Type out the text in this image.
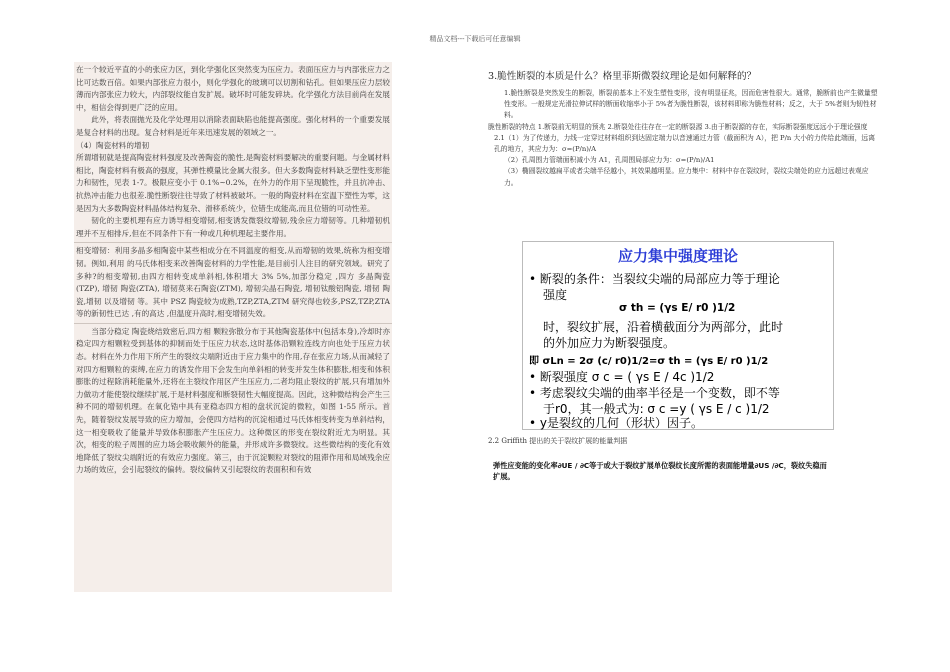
精品文档---下载后可任意编辑

在一个较近平直的小的张应力区，到化学强化区突然变为压应力。表面压应力与内部张应力之比可达数百倍。如果内部张应力很小，则化学强化的玻璃可以切割和钻孔。但如果压应力层较薄而内部张应力较大，内部裂纹能自发扩展。破坏时可能发碎块。化学强化方法目前尚在发展中，相信会得到更广泛的应用。

此外，将表面抛光及化学处理用以消除表面缺陷也能提高强度。强化材料的一个重要发展是复合材料的出现。复合材料是近年来迅速发展的领域之一。

（4）陶瓷材料的增韧

所谓增韧就是提高陶瓷材料强度及改善陶瓷的脆性,是陶瓷材料要解决的重要问题。与金属材料相比，陶瓷材料有极高的强度，其弹性模量比金属大很多。但大多数陶瓷材料缺乏塑性变形能力和韧性，见表 1-7。极限应变小于 0.1%~0.2%，在外力的作用下呈现脆性，并且抗冲击、抗热冲击能力也很差.脆性断裂往往导致了材料被破坏。一般的陶瓷材料在室温下塑性为零，这是因为大多数陶瓷材料晶体结构复杂、滑移系统少，位错生成能高,而且位错的可动性差。

韧化的主要机理有应力诱导相变增韧,相变诱发微裂纹增韧,残余应力增韧等。几种增韧机理并不互相排斥,但在不同条件下有一种或几种机理起主要作用。

相变增韧：利用多晶多相陶瓷中某些相成分在不同温度的相变,从而增韧的效果,统称为相变增韧。例如,利用 的马氏体相变来改善陶瓷材料的力学性能,是目前引人注目的研究领域。研究了多种?的相变增韧,由四方相转变成单斜相,体积增大 3% 5%,加部分稳定 ,四方 多晶陶瓷(TZP), 增韧 陶瓷(ZTA), 增韧莫来石陶瓷(ZTM), 增韧尖晶石陶瓷, 增韧钛酸铝陶瓷, 增韧 陶瓷,增韧 以及增韧 等。其中 PSZ 陶瓷较为成熟,TZP,ZTA,ZTM 研究得也较多,PSZ,TZP,ZTA 等的新韧性已达 ,有的高达 ,但温度升高时,相变增韧失效。

当部分稳定 陶瓷烧结致密后,四方相 颗粒弥散分布于其他陶瓷基体中(包括本身),冷却时亦稳定四方相颗粒受到基体的抑制而处于压应力状态,这时基体沿颗粒连线方向也处于压应力状态。材料在外力作用下所产生的裂纹尖端附近由于应力集中的作用,存在张应力场,从而减轻了对四方相颗粒的束缚,在应力的诱发作用下会发生向单斜相的转变并发生体积膨胀,相变和体积膨胀的过程除消耗能量外,还将在主裂纹作用区产生压应力,二者均阻止裂纹的扩展,只有增加外力做功才能使裂纹继续扩展,于是材料强度和断裂韧性大幅度提高。因此，这种微结构会产生三种不同的增韧机理。在氧化锆中具有亚稳态四方相的盘状沉淀的微粒，如图 1-55 所示。首先，随着裂纹发展导致的应力增加，会使四方结构的沉淀相通过马氏体相变转变为单斜结构，这一相变吸收了能量并导致体积膨胀产生压应力。这种微区的形变在裂纹附近尤为明显。其次，相变的粒子周围的应力场会吸收额外的能量，并形成许多微裂纹。这些微结构的变化有效地降低了裂纹尖端附近的有效应力强度。第三，由于沉淀颗粒对裂纹的阻滞作用和局域残余应力场的效应，会引起裂纹的偏转。裂纹偏转又引起裂纹的表面积和有效

3.脆性断裂的本质是什么？格里菲斯微裂纹理论是如何解释的？

1.脆性断裂是突然发生的断裂，断裂前基本上不发生塑性变形，没有明显征兆，因而危害性很大。通常，脆断前也产生微量塑性变形。一般规定光滑拉伸试样的断面收缩率小于 5%者为脆性断裂，该材料即称为脆性材料；反之，大于 5%者则为韧性材料。

脆性断裂的特点 1.断裂前无明显的预兆 2.断裂处往往存在一定的断裂源 3.由于断裂源的存在，实际断裂强度远远小于理论强度

2.1（1）为了传递力，力线一定穿过材料组织到达固定端力以音速通过力管（截面积为 A），把 P/n 大小的力传给此端面，远离孔的地方，其应力为：σ=(P/n)/A

（2）孔周围力管端面积减小为 A1，孔周围局部应力为：σ=(P/n)/A1

（3）椭圆裂纹越扁平或者尖端半径越小，其效果越明显。应力集中：材料中存在裂纹时，裂纹尖端处的应力远超过表观应力。

应力集中强度理论
• 断裂的条件：当裂纹尖端的局部应力等于理论
强度
σ th = (γs E/ r0 )1/2
时，裂纹扩展，沿着横截面分为两部分，此时
的外加应力为断裂强度。
即 σLn = 2σ (c/ r0)1/2=σ th = (γs E/ r0 )1/2
• 断裂强度 σ c = ( γs E / 4c )1/2
• 考虑裂纹尖端的曲率半径是一个变数，即不等
于r0，其一般式为: σ c =y ( γs E / c )1/2
• y是裂纹的几何（形状）因子。
2.2 Griffith 提出的关于裂纹扩展的能量判据
弹性应变能的变化率∂UE / ∂C等于或大于裂纹扩展单位裂纹长度所需的表面能增量∂US /∂C，裂纹失稳而扩展。
